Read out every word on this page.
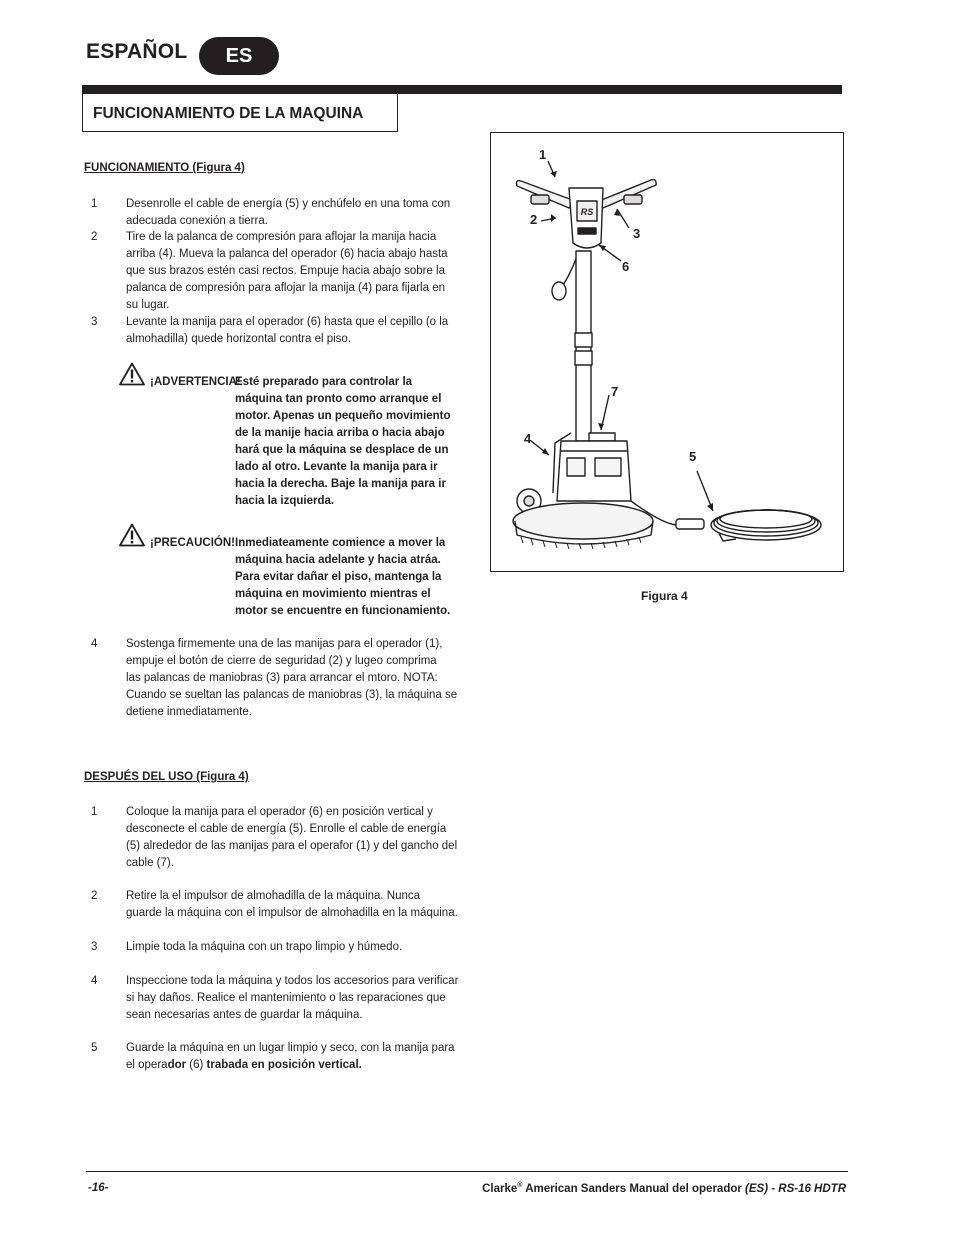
ESPAÑOL	ES
FUNCIONAMIENTO DE LA MAQUINA
FUNCIONAMIENTO (Figura 4)
1	Desenrolle el cable de energía (5) y enchúfelo en una toma con
adecuada conexión a tierra.
2	Tire de la palanca de compresión para aflojar la manija hacia
arriba (4). Mueva la palanca del operador (6) hacia abajo hasta
que sus brazos estén casi rectos. Empuje hacia abajo sobre la
palanca de compresión para aflojar la manija (4) para fijarla en
su lugar.
3	Levante la manija para el operador (6) hasta que el cepillo (o la
almohadilla) quede horizontal contra el piso.
¡ADVERTENCIA!
Esté preparado para controlar la
máquina tan pronto como arranque el
motor. Apenas un pequeño movimiento
de la manije hacia arriba o hacia abajo
hará que la máquina se desplace de un
lado al otro. Levante la manija para ir
hacia la derecha. Baje la manija para ir
hacia la izquierda.
¡PRECAUCIÓN! Inmediateamente comience a mover la
máquina hacia adelante y hacia atráa.
Para evitar dañar el piso, mantenga la
máquina en movimiento mientras el
motor se encuentre en funcionamiento.
4	Sostenga firmemente una de las manijas para el operador (1),
empuje el botón de cierre de seguridad (2) y lugeo comprima
las palancas de maniobras (3) para arrancar el mtoro. NOTA:
Cuando se sueltan las palancas de maniobras (3), la máquina se
detiene inmediatamente.
DESPUÉS DEL USO (Figura 4)
1	Coloque la manija para el operador (6) en posición vertical y
desconecte el cable de energía (5). Enrolle el cable de energía
(5) alrededor de las manijas para el operafor (1) y del gancho del
cable (7).
2	Retire la el impulsor de almohadilla de la máquina. Nunca
guarde la máquina con el impulsor de almohadilla en la máquina.
3	Limpie toda la máquina con un trapo limpio y húmedo.
4	Inspeccione toda la máquina y todos los accesorios para verificar
si hay daños. Realice el mantenimiento o las reparaciones que
sean necesarias antes de guardar la máquina.
5	Guarde la máquina en un lugar limpio y seco, con la manija para
el operador (6) trabada en posición vertical.
RS
1
2
3
6
7
4
5
Figura 4
-16-	Clarke® American Sanders Manual del operador (ES) - RS-16 HDTR
